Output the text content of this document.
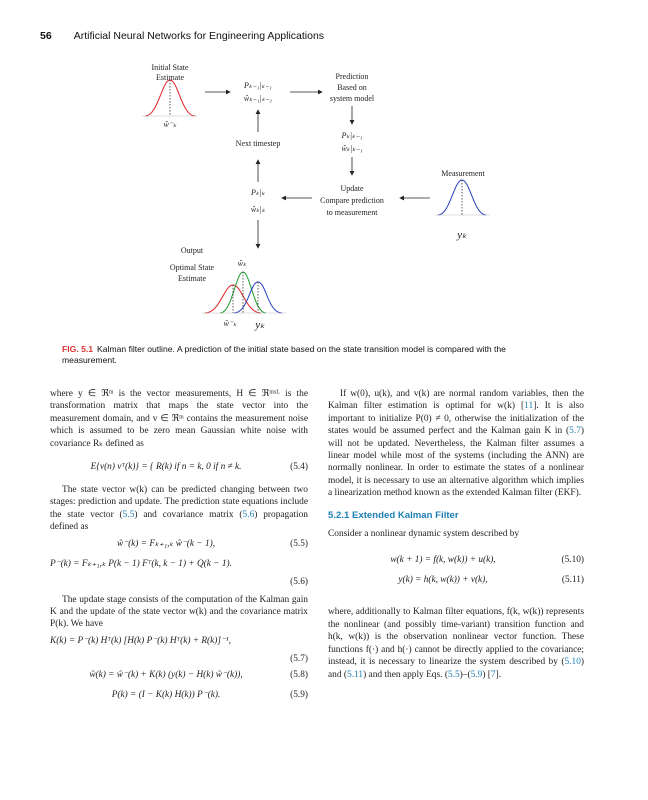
56 Artificial Neural Networks for Engineering Applications
Initial State
Estimate
ŵ⁻ₖ
Pₖ₋₁|ₖ₋₁
ŵₖ₋₁|ₖ₋₁
Prediction
Based on
system model
Pₖ|ₖ₋₁
ŵₖ|ₖ₋₁
Next timestep
Update
Compare prediction
to measurement
Measurement
yₖ
Pₖ|ₖ
ŵₖ|ₖ
Output
Optimal State
Estimate
ŵₖ
ŵ⁻ₖ yₖ
FIG. 5.1 Kalman filter outline. A prediction of the initial state based on the state transition model is compared with the measurement.

where y ∈ ℜᵐ is the vector measurements, H ∈ ℜᵐˣᴸ is the transformation matrix that maps the state vector into the measurement domain, and v ∈ ℜᵐ contains the measurement noise which is assumed to be zero mean Gaussian white noise with covariance Rₖ defined as

E{v(n) vᵀ(k)} = { R(k) if n = k, 0 if n ≠ k.	(5.4)

The state vector w(k) can be predicted changing between two stages: prediction and update. The prediction state equations include the state vector (5.5) and covariance matrix (5.6) propagation defined as

ŵ⁻(k) = Fₖ₊₁,ₖ ŵ⁻(k − 1),	(5.5)
P⁻(k) = Fₖ₊₁,ₖ P(k − 1) Fᵀ(k, k − 1) + Q(k − 1).
(5.6)

The update stage consists of the computation of the Kalman gain K and the update of the state vector w(k) and the covariance matrix P(k). We have

K(k) = P⁻(k) Hᵀ(k) [H(k) P⁻(k) Hᵀ(k) + R(k)]⁻¹,
(5.7)
ŵ(k) = ŵ⁻(k) + K(k) (y(k) − H(k) ŵ⁻(k)),	(5.8)
P(k) = (I − K(k) H(k)) P⁻(k).	(5.9)

If w(0), u(k), and v(k) are normal random variables, then the Kalman filter estimation is optimal for w(k) [11]. It is also important to initialize P(0) ≠ 0, otherwise the initialization of the states would be assumed perfect and the Kalman gain K in (5.7) will not be updated. Nevertheless, the Kalman filter assumes a linear model while most of the systems (including the ANN) are normally nonlinear. In order to estimate the states of a nonlinear model, it is necessary to use an alternative algorithm which implies a linearization method known as the extended Kalman filter (EKF).

5.2.1 Extended Kalman Filter

Consider a nonlinear dynamic system described by

w(k + 1) = f(k, w(k)) + u(k),	(5.10)
y(k) = h(k, w(k)) + v(k),	(5.11)

where, additionally to Kalman filter equations, f(k, w(k)) represents the nonlinear (and possibly time-variant) transition function and h(k, w(k)) is the observation nonlinear vector function. These functions f(·) and h(·) cannot be directly applied to the covariance; instead, it is necessary to linearize the system described by (5.10) and (5.11) and then apply Eqs. (5.5)–(5.9) [7].
